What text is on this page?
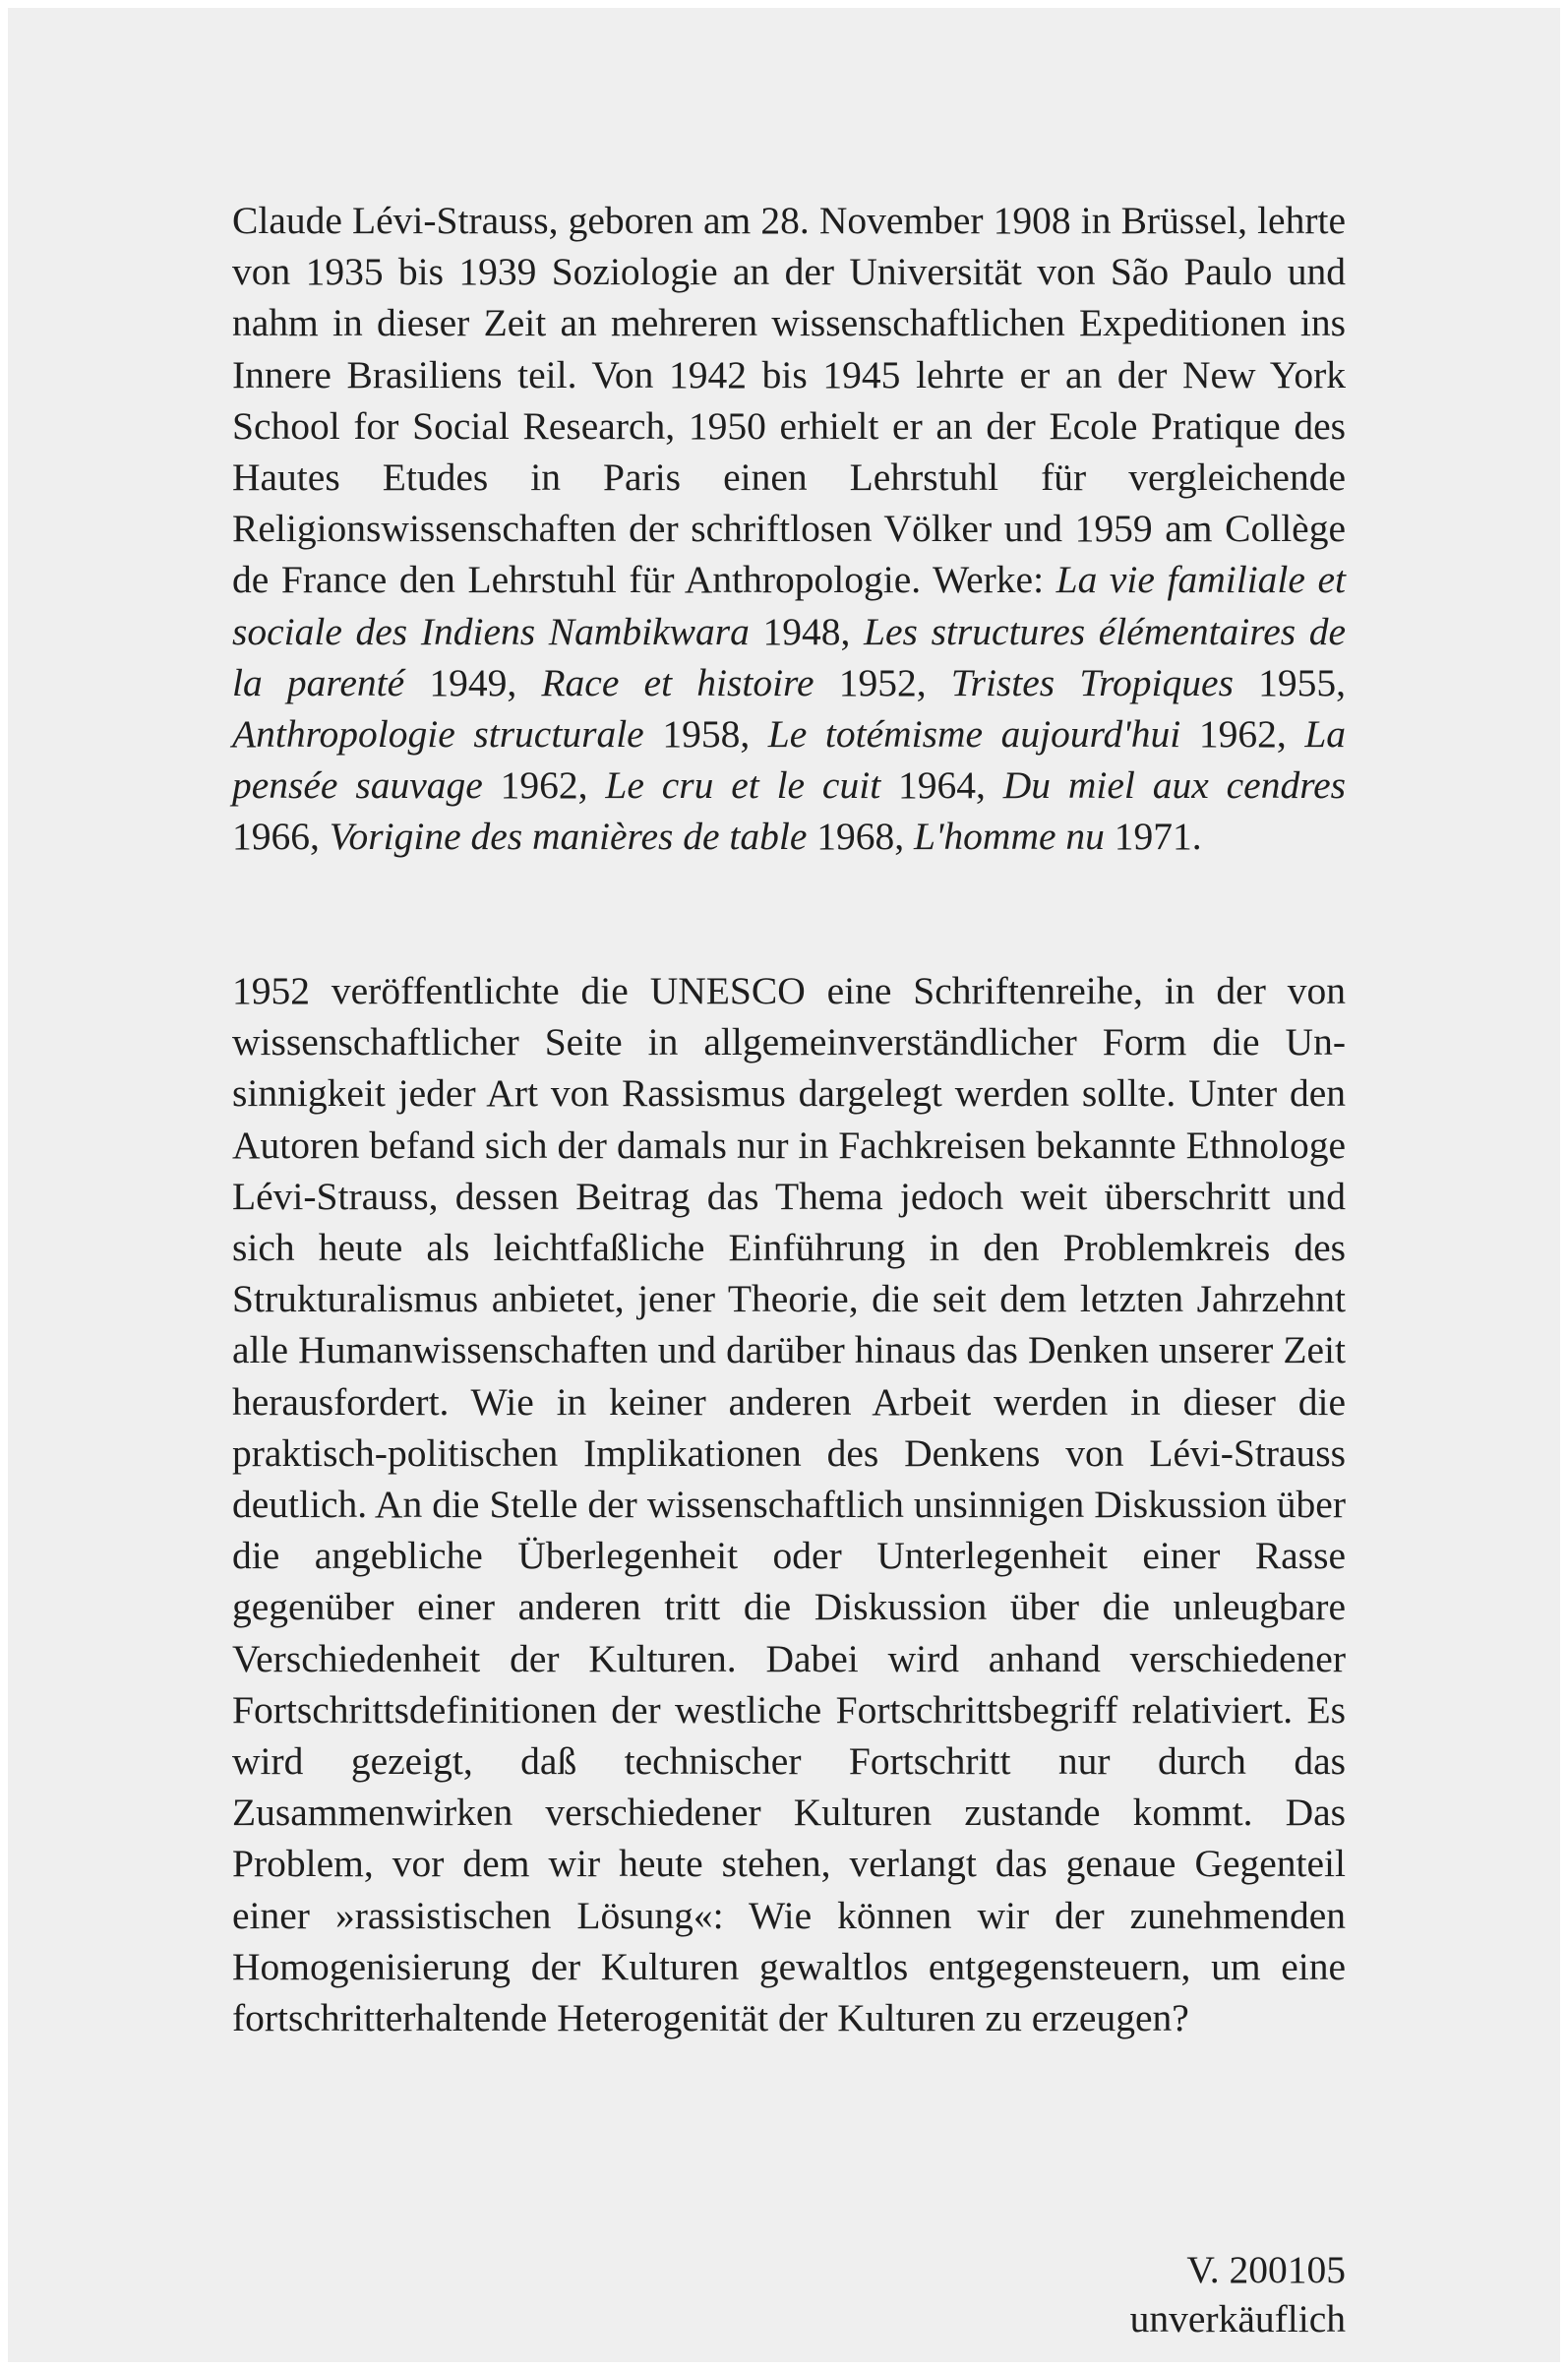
Claude Lévi-Strauss, geboren am 28. November 1908 in Brüssel, lehrte von 1935 bis 1939 Soziologie an der Universität von São Paulo und nahm in dieser Zeit an mehreren wissenschaftlichen Expeditionen ins Innere Brasiliens teil. Von 1942 bis 1945 lehrte er an der New York School for Social Research, 1950 erhielt er an der Ecole Pratique des Hautes Etudes in Paris einen Lehrstuhl für vergleichende Religionswissenschaften der schriftlosen Völker und 1959 am Collège de France den Lehrstuhl für Anthropologie. Werke: La vie familiale et sociale des Indiens Nambikwara 1948, Les structures élémentaires de la parenté 1949, Race et histoire 1952, Tristes Tropiques 1955, Anthropologie structurale 1958, Le totémisme aujourd'hui 1962, La pensée sauvage 1962, Le cru et le cuit 1964, Du miel aux cendres 1966, Vorigine des manières de table 1968, L'homme nu 1971.

1952 veröffentlichte die UNESCO eine Schriftenreihe, in der von wissenschaftlicher Seite in allgemeinverständlicher Form die Unsinnigkeit jeder Art von Rassismus dargelegt werden sollte. Unter den Autoren befand sich der damals nur in Fachkreisen bekannte Ethnologe Lévi-Strauss, dessen Beitrag das Thema jedoch weit überschritt und sich heute als leichtfaßliche Einführung in den Problemkreis des Strukturalismus anbietet, jener Theorie, die seit dem letzten Jahrzehnt alle Humanwissenschaften und darüber hinaus das Denken unserer Zeit herausfordert. Wie in keiner anderen Arbeit werden in dieser die praktisch-politischen Implikationen des Denkens von Lévi-Strauss deutlich. An die Stelle der wissenschaftlich unsinnigen Diskussion über die angebliche Überlegenheit oder Unterlegenheit einer Rasse gegenüber einer anderen tritt die Diskussion über die unleugbare Verschiedenheit der Kulturen. Dabei wird anhand verschiedener Fortschrittsdefinitionen der westliche Fortschrittsbegriff relativiert. Es wird gezeigt, daß technischer Fortschritt nur durch das Zusammenwirken verschiedener Kulturen zustande kommt. Das Problem, vor dem wir heute stehen, verlangt das genaue Gegenteil einer »rassistischen Lösung«: Wie können wir der zunehmenden Homogenisierung der Kulturen gewaltlos entgegensteuern, um eine fortschritterhaltende Heterogenität der Kulturen zu erzeugen?

V. 200105
unverkäuflich
